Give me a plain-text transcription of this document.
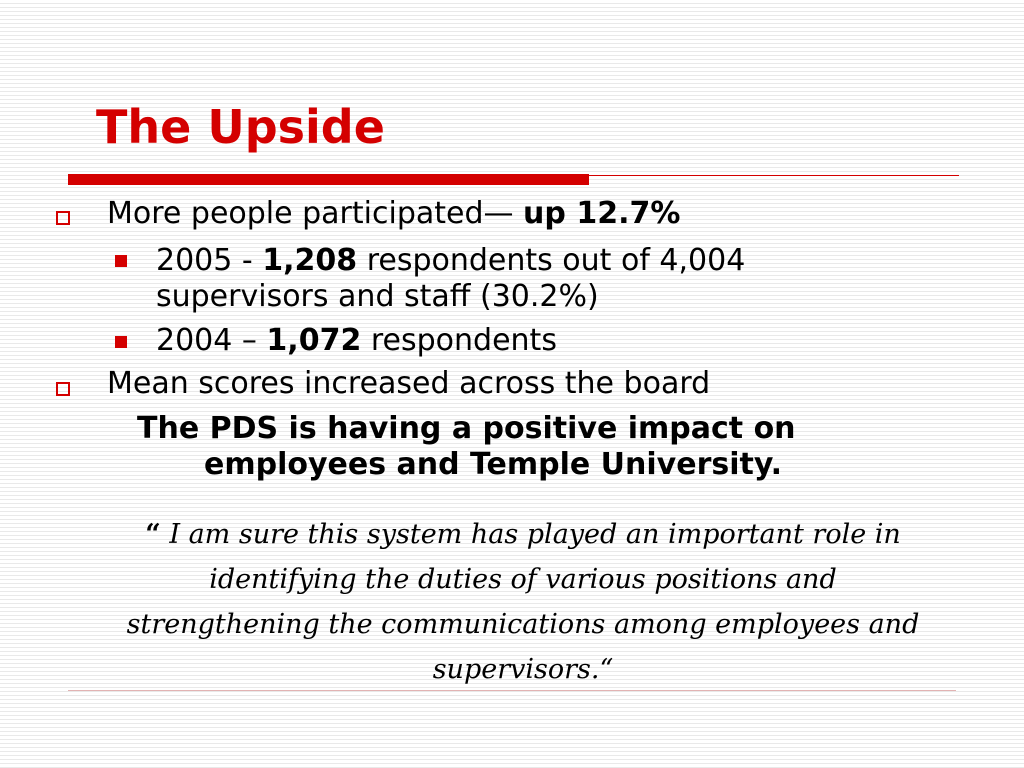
The Upside
More people participated— up 12.7%
2005 - 1,208 respondents out of 4,004
supervisors and staff (30.2%)
2004 – 1,072 respondents
Mean scores increased across the board
The PDS is having a positive impact on
employees and Temple University.
“ I am sure this system has played an important role in
identifying the duties of various positions and
strengthening the communications among employees and
supervisors.“
